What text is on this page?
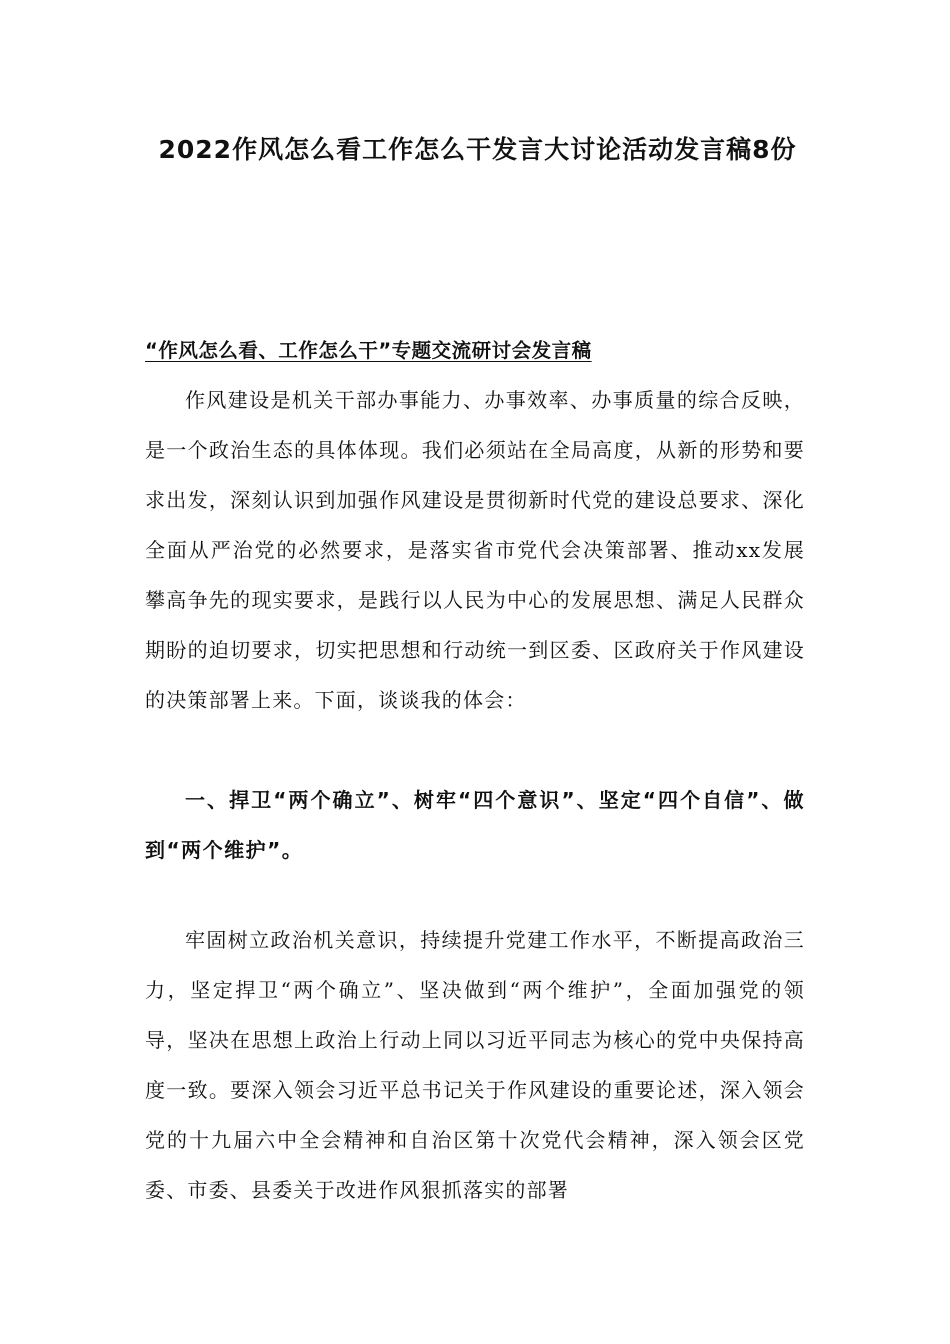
2022作风怎么看工作怎么干发言大讨论活动发言稿8份

“作风怎么看、工作怎么干”专题交流研讨会发言稿

作风建设是机关干部办事能力、办事效率、办事质量的综合反映，是一个政治生态的具体体现。我们必须站在全局高度，从新的形势和要求出发，深刻认识到加强作风建设是贯彻新时代党的建设总要求、深化全面从严治党的必然要求，是落实省市党代会决策部署、推动xx发展攀高争先的现实要求，是践行以人民为中心的发展思想、满足人民群众期盼的迫切要求，切实把思想和行动统一到区委、区政府关于作风建设的决策部署上来。下面，谈谈我的体会：

一、捍卫“两个确立”、树牢“四个意识”、坚定“四个自信”、做到“两个维护”。

牢固树立政治机关意识，持续提升党建工作水平，不断提高政治三力，坚定捍卫“两个确立”、坚决做到“两个维护”，全面加强党的领导，坚决在思想上政治上行动上同以习近平同志为核心的党中央保持高度一致。要深入领会习近平总书记关于作风建设的重要论述，深入领会党的十九届六中全会精神和自治区第十次党代会精神，深入领会区党委、市委、县委关于改进作风狠抓落实的部署
